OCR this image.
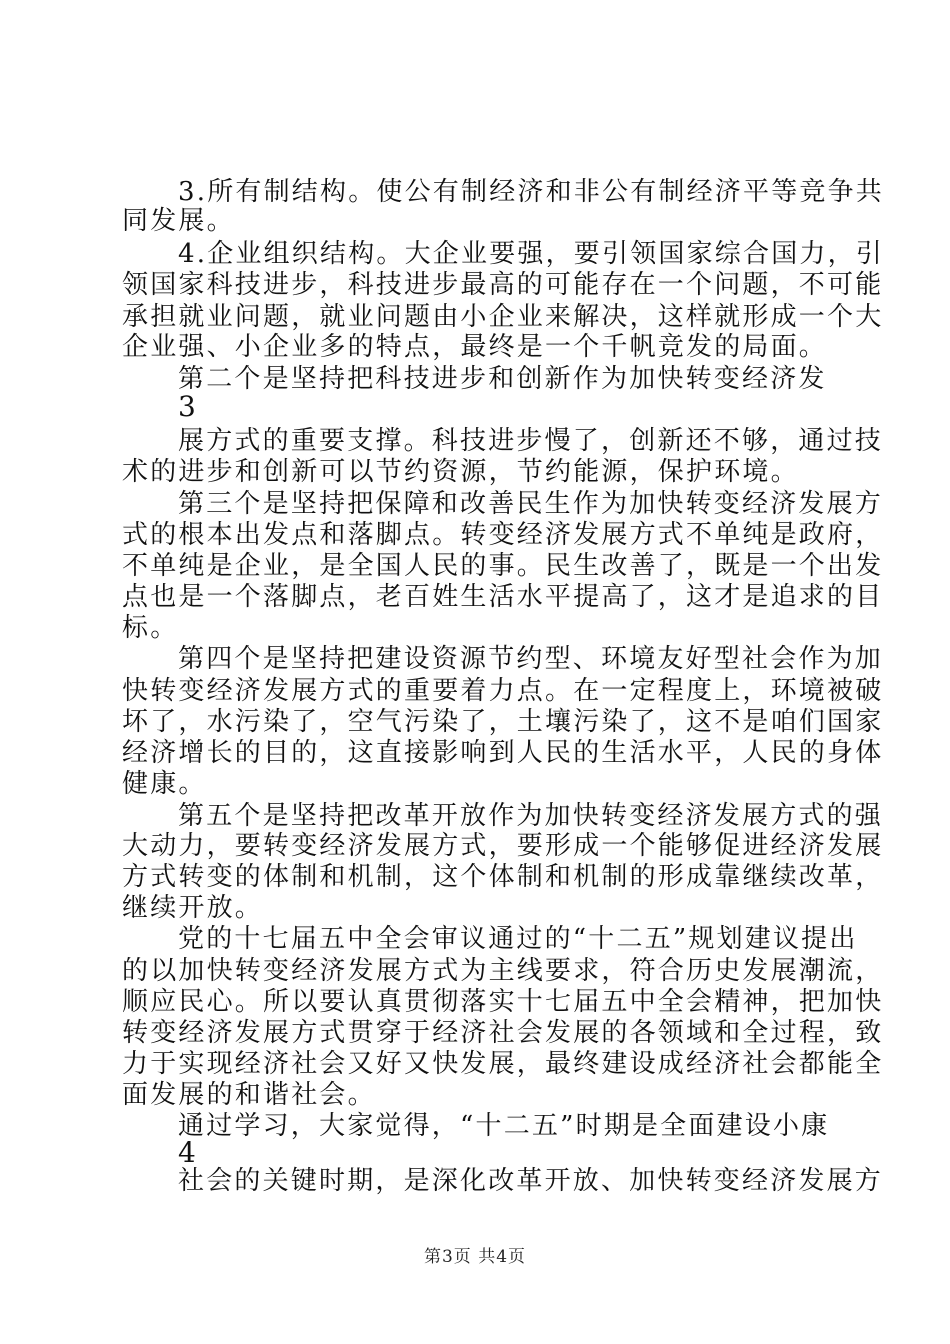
3.所有制结构。使公有制经济和非公有制经济平等竞争共

同发展。

4.企业组织结构。大企业要强，要引领国家综合国力，引

领国家科技进步，科技进步最高的可能存在一个问题，不可能

承担就业问题，就业问题由小企业来解决，这样就形成一个大

企业强、小企业多的特点，最终是一个千帆竞发的局面。

第二个是坚持把科技进步和创新作为加快转变经济发

3

展方式的重要支撑。科技进步慢了，创新还不够，通过技

术的进步和创新可以节约资源，节约能源，保护环境。

第三个是坚持把保障和改善民生作为加快转变经济发展方

式的根本出发点和落脚点。转变经济发展方式不单纯是政府，

不单纯是企业，是全国人民的事。民生改善了，既是一个出发

点也是一个落脚点，老百姓生活水平提高了，这才是追求的目

标。

第四个是坚持把建设资源节约型、环境友好型社会作为加

快转变经济发展方式的重要着力点。在一定程度上，环境被破

坏了，水污染了，空气污染了，土壤污染了，这不是咱们国家

经济增长的目的，这直接影响到人民的生活水平，人民的身体

健康。

第五个是坚持把改革开放作为加快转变经济发展方式的强

大动力，要转变经济发展方式，要形成一个能够促进经济发展

方式转变的体制和机制，这个体制和机制的形成靠继续改革，

继续开放。

党的十七届五中全会审议通过的“十二五”规划建议提出

的以加快转变经济发展方式为主线要求，符合历史发展潮流，

顺应民心。所以要认真贯彻落实十七届五中全会精神，把加快

转变经济发展方式贯穿于经济社会发展的各领域和全过程，致

力于实现经济社会又好又快发展，最终建设成经济社会都能全

面发展的和谐社会。

通过学习，大家觉得，“十二五”时期是全面建设小康

4

社会的关键时期，是深化改革开放、加快转变经济发展方

第3页 共4页
